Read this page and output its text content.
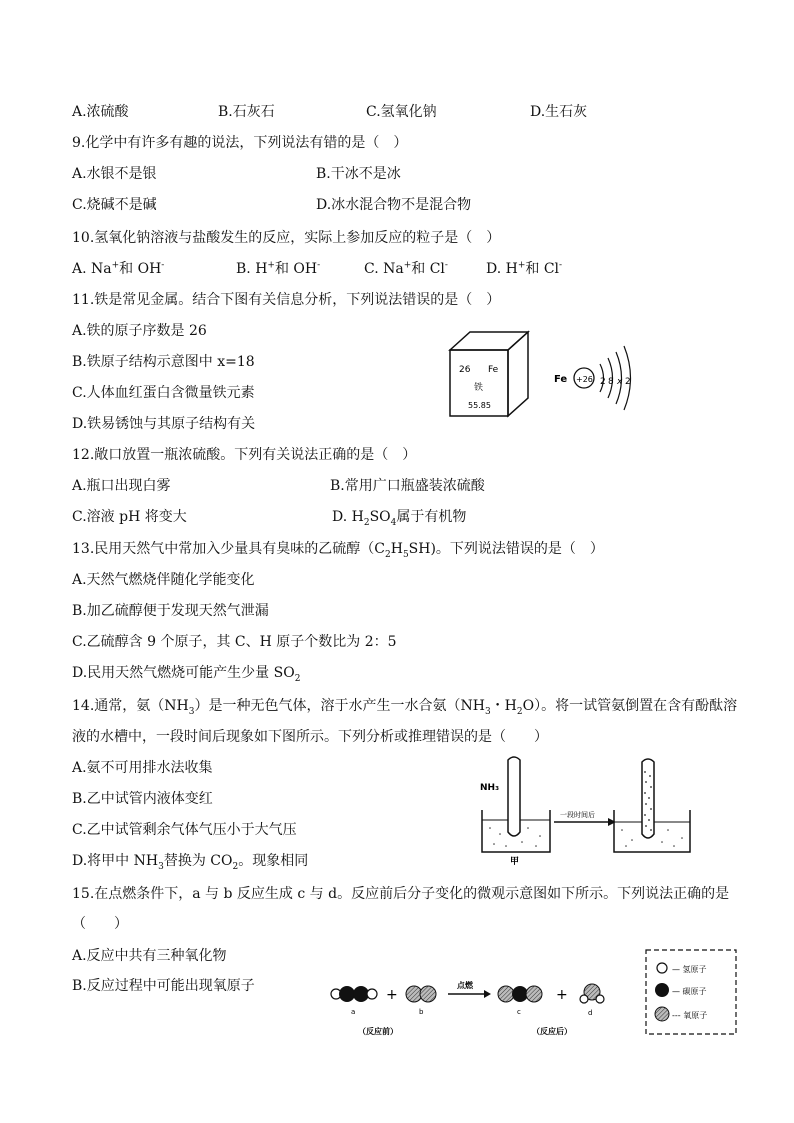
A.浓硫酸	B.石灰石	C.氢氧化钠	D.生石灰
9.化学中有许多有趣的说法，下列说法有错的是（　）
A.水银不是银	B.干冰不是冰
C.烧碱不是碱	D.冰水混合物不是混合物
10.氢氧化钠溶液与盐酸发生的反应，实际上参加反应的粒子是（　）
A. Na+和 OH-	B. H+和 OH-	C. Na+和 Cl-	D. H+和 Cl-
11.铁是常见金属。结合下图有关信息分析，下列说法错误的是（　）
A.铁的原子序数是 26
B.铁原子结构示意图中 x=18
C.人体血红蛋白含微量铁元素
D.铁易锈蚀与其原子结构有关
26 Fe
铁
55.85
Fe +26 2 8 x 2
12.敞口放置一瓶浓硫酸。下列有关说法正确的是（　）
A.瓶口出现白雾	B.常用广口瓶盛装浓硫酸
C.溶液 pH 将变大	D. $H_2SO_4$属于有机物
13.民用天然气中常加入少量具有臭味的乙硫醇$(C_2H_5SH)$。下列说法错误的是（　）
A.天然气燃烧伴随化学能变化
B.加乙硫醇便于发现天然气泄漏
C.乙硫醇含 9 个原子，其 C、H 原子个数比为 2：5
D.民用天然气燃烧可能产生少量 $SO_2$
14.通常，氨$(NH_3)$是一种无色气体，溶于水产生一水合氨（$NH_3$・$H_2O$）。将一试管氨倒置在含有酚酞溶
液的水槽中，一段时间后现象如下图所示。下列分析或推理错误的是（　　）
A.氨不可用排水法收集
B.乙中试管内液体变红
C.乙中试管剩余气体气压小于大气压
D.将甲中 $NH_3$替换为 $CO_2$。现象相同
NH₃
甲
一段时间后
15.在点燃条件下，a 与 b 反应生成 c 与 d。反应前后分子变化的微观示意图如下所示。下列说法正确的是
（　　）
A.反应中共有三种氧化物
B.反应过程中可能出现氧原子
a
+
b
点燃
c
+
d
（反应前）	（反应后）
— 氢原子
— 碳原子
--- 氧原子
